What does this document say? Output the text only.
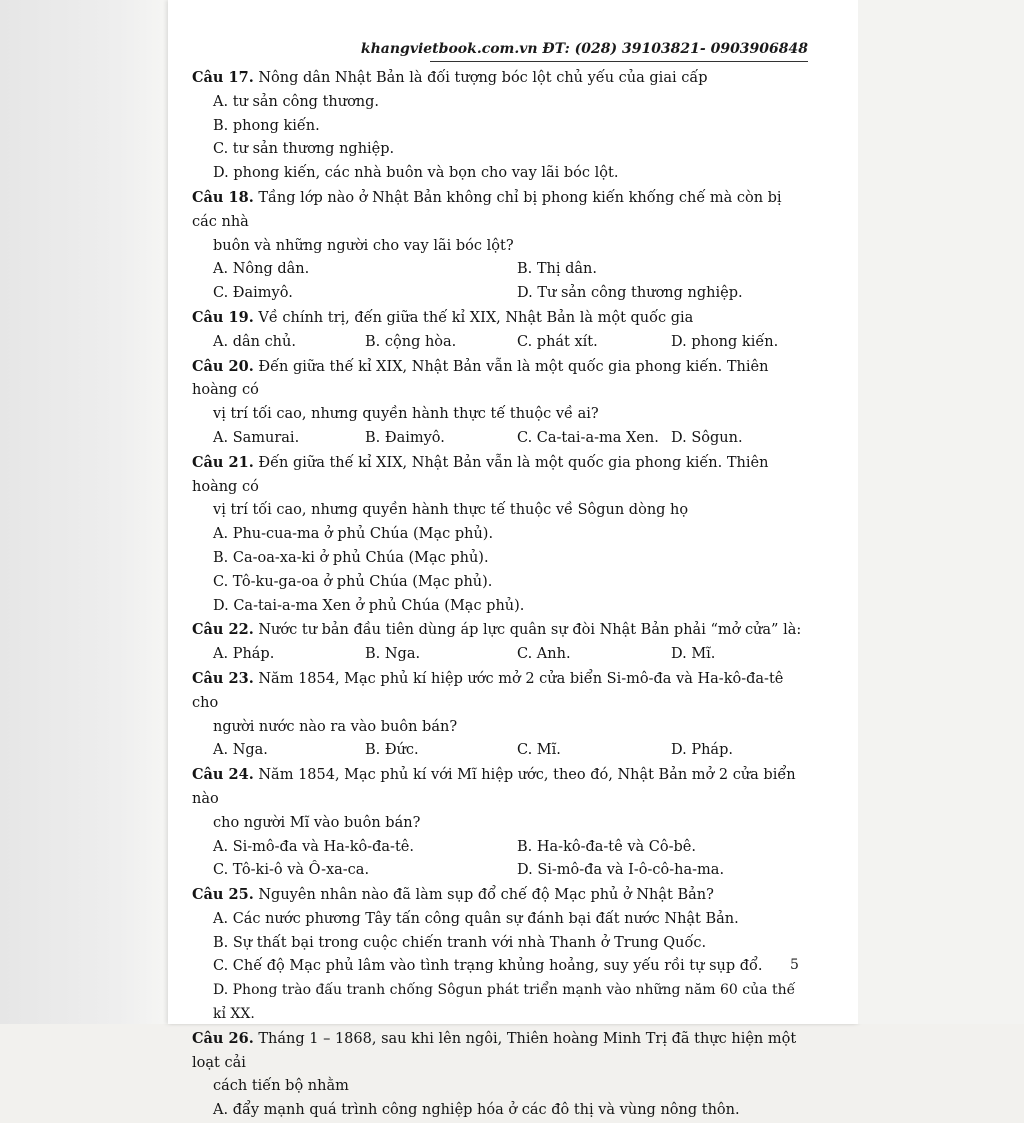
khangvietbook.com.vn ĐT: (028) 39103821- 0903906848
Câu 17. Nông dân Nhật Bản là đối tượng bóc lột chủ yếu của giai cấp
A. tư sản công thương.
B. phong kiến.
C. tư sản thương nghiệp.
D. phong kiến, các nhà buôn và bọn cho vay lãi bóc lột.
Câu 18. Tầng lớp nào ở Nhật Bản không chỉ bị phong kiến khống chế mà còn bị các nhà
buôn và những người cho vay lãi bóc lột?
A. Nông dân.	B. Thị dân.
C. Đaimyô.	D. Tư sản công thương nghiệp.
Câu 19. Về chính trị, đến giữa thế kỉ XIX, Nhật Bản là một quốc gia
A. dân chủ.	B. cộng hòa.	C. phát xít.	D. phong kiến.
Câu 20. Đến giữa thế kỉ XIX, Nhật Bản vẫn là một quốc gia phong kiến. Thiên hoàng có
vị trí tối cao, nhưng quyền hành thực tế thuộc về ai?
A. Samurai.	B. Đaimyô.	C. Ca-tai-a-ma Xen. D. Sôgun.
Câu 21. Đến giữa thế kỉ XIX, Nhật Bản vẫn là một quốc gia phong kiến. Thiên hoàng có
vị trí tối cao, nhưng quyền hành thực tế thuộc về Sôgun dòng họ
A. Phu-cua-ma ở phủ Chúa (Mạc phủ).
B. Ca-oa-xa-ki ở phủ Chúa (Mạc phủ).
C. Tô-ku-ga-oa ở phủ Chúa (Mạc phủ).
D. Ca-tai-a-ma Xen ở phủ Chúa (Mạc phủ).
Câu 22. Nước tư bản đầu tiên dùng áp lực quân sự đòi Nhật Bản phải “mở cửa” là:
A. Pháp.	B. Nga.	C. Anh.	D. Mĩ.
Câu 23. Năm 1854, Mạc phủ kí hiệp ước mở 2 cửa biển Si-mô-đa và Ha-kô-đa-tê cho
người nước nào ra vào buôn bán?
A. Nga.	B. Đức.	C. Mĩ.	D. Pháp.
Câu 24. Năm 1854, Mạc phủ kí với Mĩ hiệp ước, theo đó, Nhật Bản mở 2 cửa biển nào
cho người Mĩ vào buôn bán?
A. Si-mô-đa và Ha-kô-đa-tê.	B. Ha-kô-đa-tê và Cô-bê.
C. Tô-ki-ô và Ô-xa-ca.	D. Si-mô-đa và I-ô-cô-ha-ma.
Câu 25. Nguyên nhân nào đã làm sụp đổ chế độ Mạc phủ ở Nhật Bản?
A. Các nước phương Tây tấn công quân sự đánh bại đất nước Nhật Bản.
B. Sự thất bại trong cuộc chiến tranh với nhà Thanh ở Trung Quốc.
C. Chế độ Mạc phủ lâm vào tình trạng khủng hoảng, suy yếu rồi tự sụp đổ.
D. Phong trào đấu tranh chống Sôgun phát triển mạnh vào những năm 60 của thế kỉ XX.
Câu 26. Tháng 1 – 1868, sau khi lên ngôi, Thiên hoàng Minh Trị đã thực hiện một loạt cải
cách tiến bộ nhằm
A. đẩy mạnh quá trình công nghiệp hóa ở các đô thị và vùng nông thôn.
5
